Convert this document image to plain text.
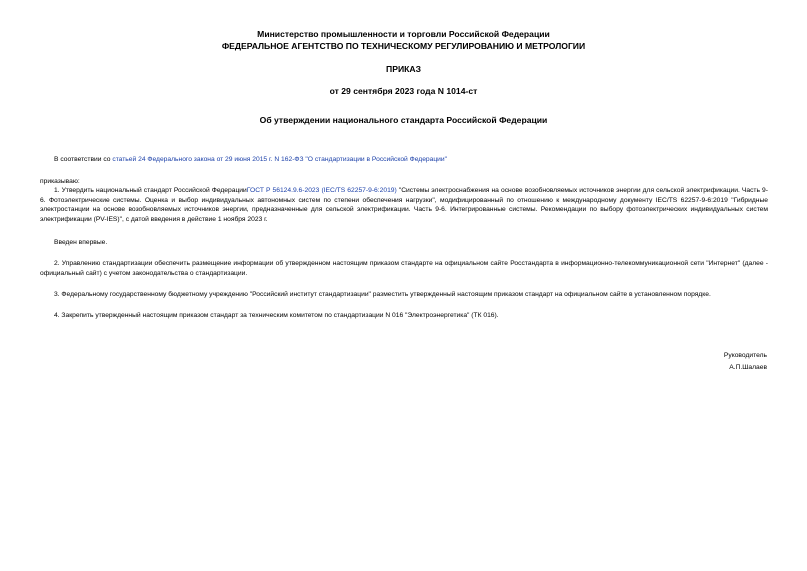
Министерство промышленности и торговли Российской Федерации
ФЕДЕРАЛЬНОЕ АГЕНТСТВО ПО ТЕХНИЧЕСКОМУ РЕГУЛИРОВАНИЮ И МЕТРОЛОГИИ
ПРИКАЗ
от 29 сентября 2023 года N 1014-ст
Об утверждении национального стандарта Российской Федерации
В соответствии со статьей 24 Федерального закона от 29 июня 2015 г. N 162-ФЗ "О стандартизации в Российской Федерации"
приказываю:
1. Утвердить национальный стандарт Российской ФедерацииГОСТ Р 56124.9.6-2023 (IEC/TS 62257-9-6:2019) "Системы электроснабжения на основе возобновляемых источников энергии для сельской электрификации. Часть 9-6. Фотоэлектрические системы. Оценка и выбор индивидуальных автономных систем по степени обеспечения нагрузки", модифицированный по отношению к международному документу IEC/TS 62257-9-6:2019 "Гибридные электростанции на основе возобновляемых источников энергии, предназначенные для сельской электрификации. Часть 9-6. Интегрированные системы. Рекомендации по выбору фотоэлектрических индивидуальных систем электрификации (PV-IES)", с датой введения в действие 1 ноября 2023 г.
Введен впервые.
2. Управлению стандартизации обеспечить размещение информации об утвержденном настоящим приказом стандарте на официальном сайте Росстандарта в информационно-телекоммуникационной сети "Интернет" (далее - официальный сайт) с учетом законодательства о стандартизации.
3. Федеральному государственному бюджетному учреждению "Российский институт стандартизации" разместить утвержденный настоящим приказом стандарт на официальном сайте в установленном порядке.
4. Закрепить утвержденный настоящим приказом стандарт за техническим комитетом по стандартизации N 016 "Электроэнергетика" (ТК 016).
Руководитель
А.П.Шалаев
